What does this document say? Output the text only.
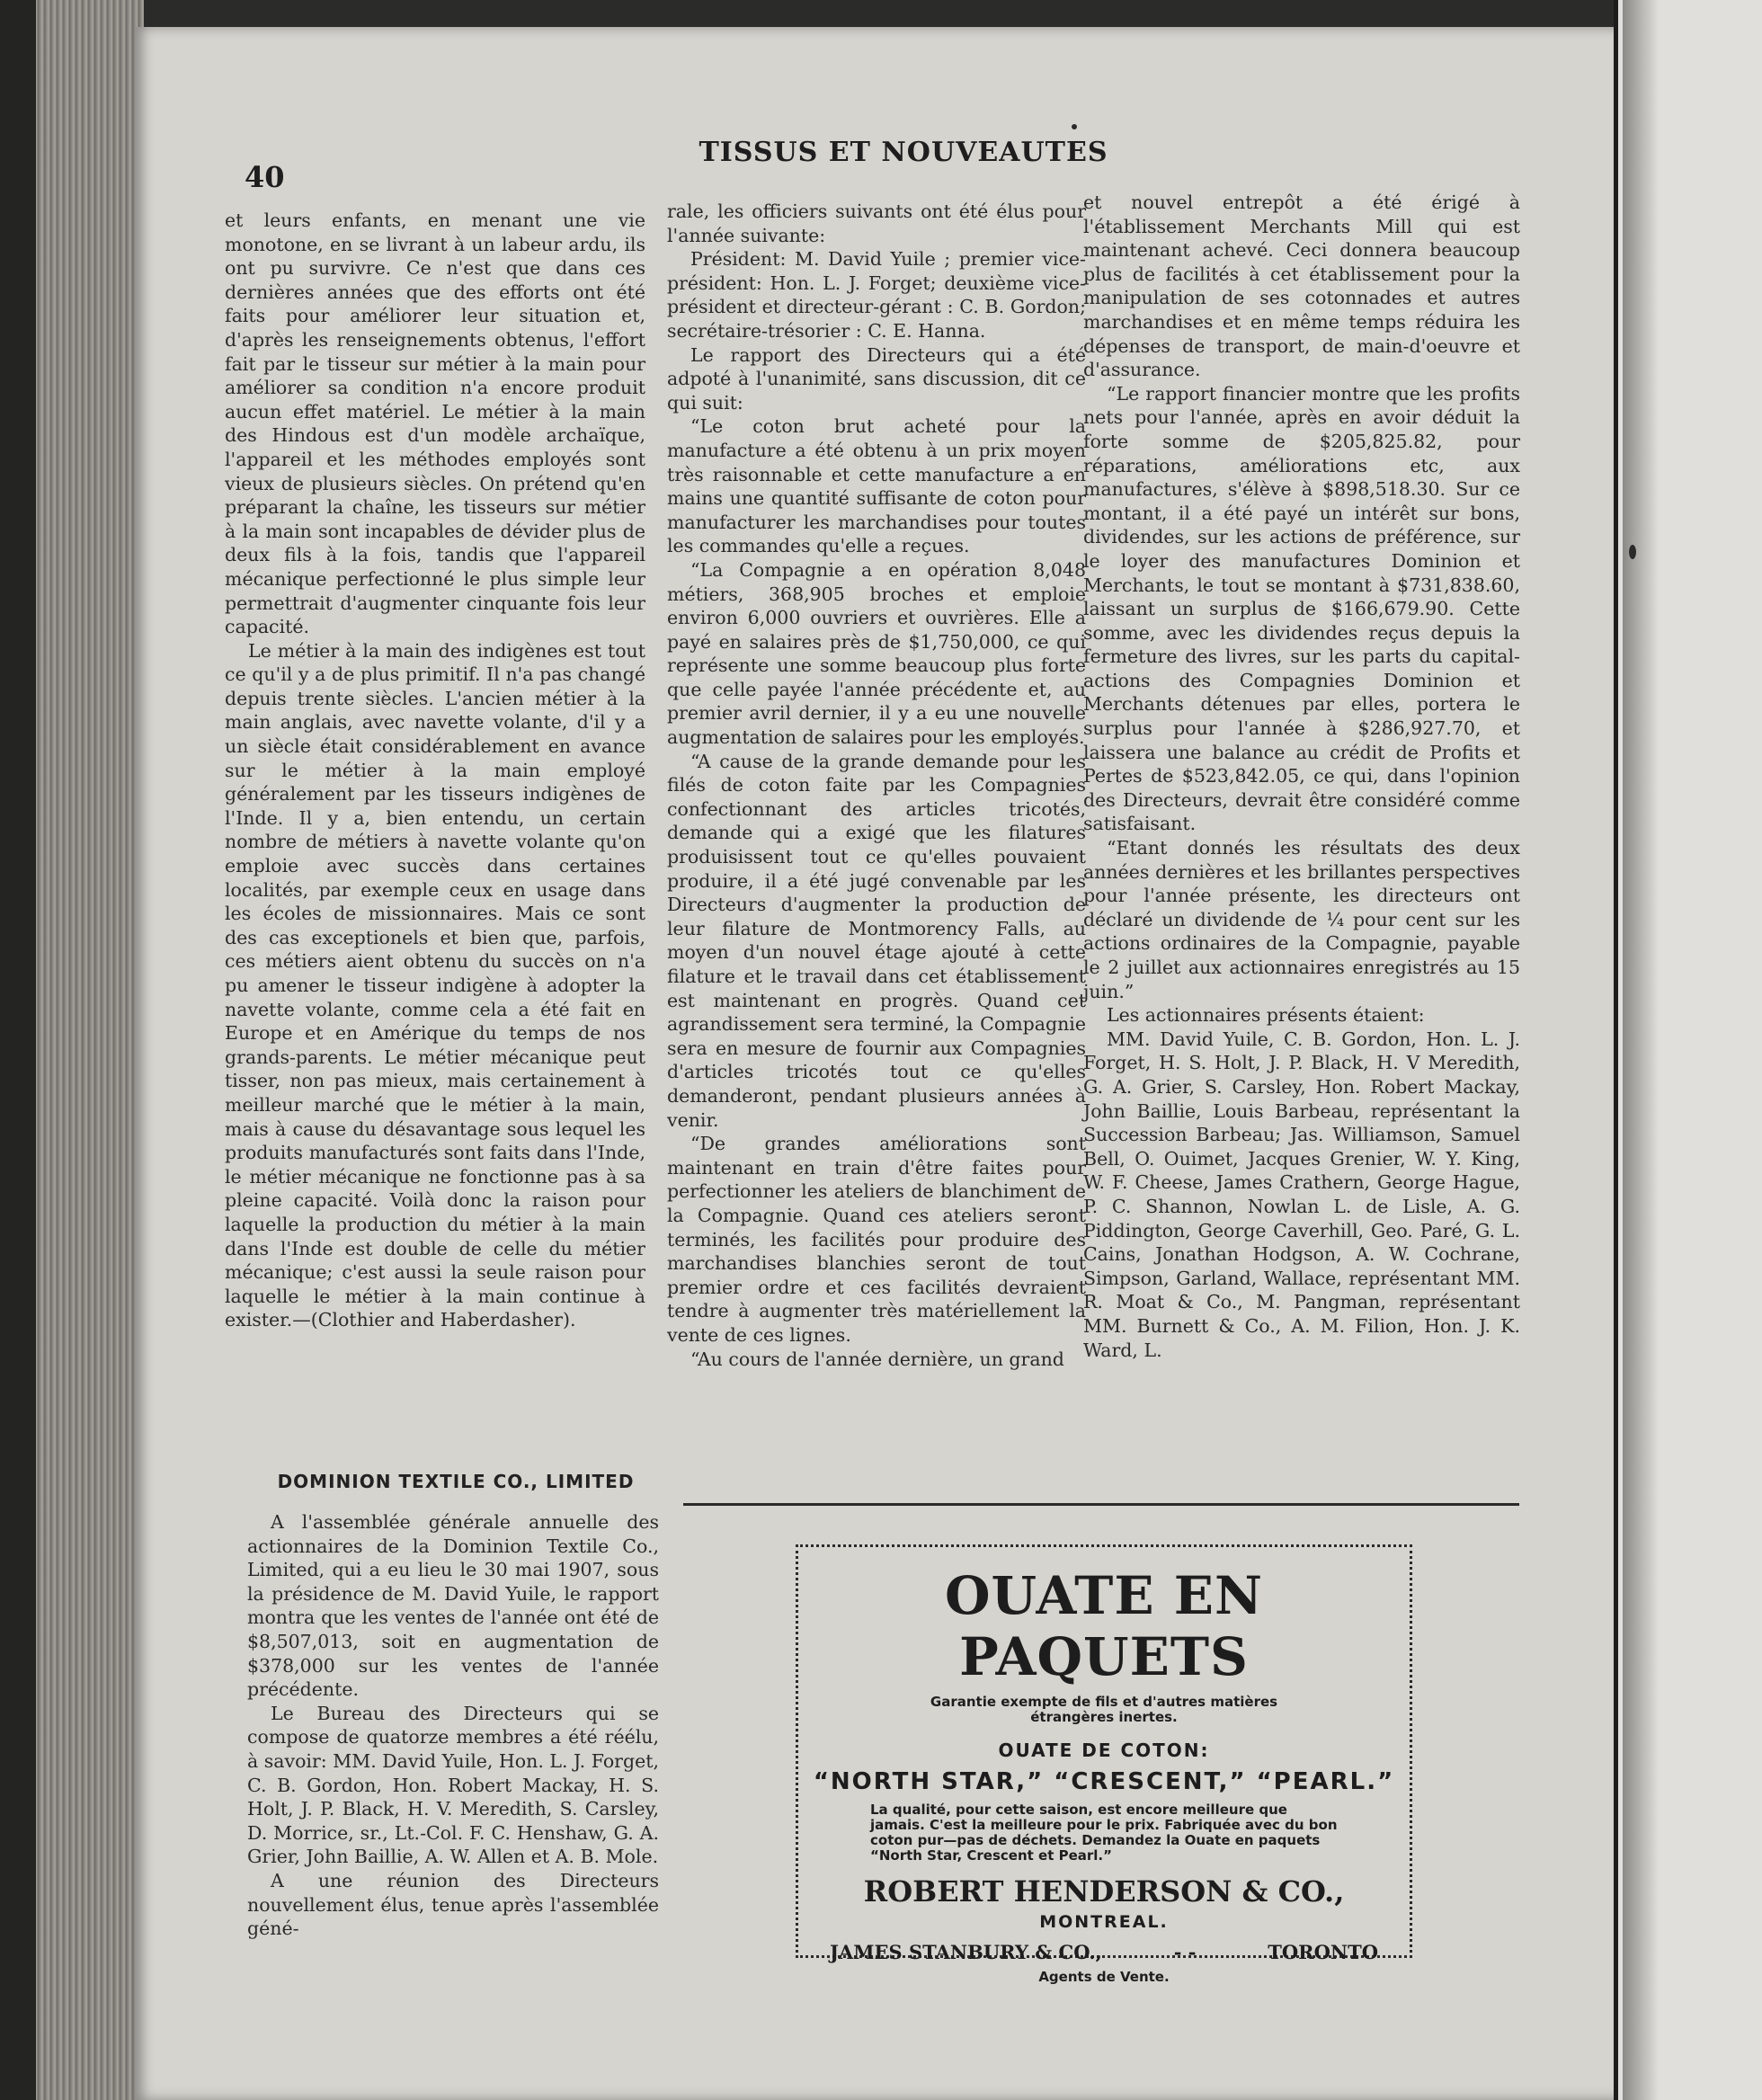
40
TISSUS ET NOUVEAUTES

et leurs enfants, en menant une vie monotone, en se livrant à un labeur ardu, ils ont pu survivre. Ce n'est que dans ces dernières années que des efforts ont été faits pour améliorer leur situation et, d'après les renseignements obtenus, l'effort fait par le tisseur sur métier à la main pour améliorer sa condition n'a encore produit aucun effet matériel. Le métier à la main des Hindous est d'un modèle archaïque, l'appareil et les méthodes employés sont vieux de plusieurs siècles. On prétend qu'en préparant la chaîne, les tisseurs sur métier à la main sont incapables de dévider plus de deux fils à la fois, tandis que l'appareil mécanique perfectionné le plus simple leur permettrait d'augmenter cinquante fois leur capacité.

Le métier à la main des indigènes est tout ce qu'il y a de plus primitif. Il n'a pas changé depuis trente siècles. L'ancien métier à la main anglais, avec navette volante, d'il y a un siècle était considérablement en avance sur le métier à la main employé généralement par les tisseurs indigènes de l'Inde. Il y a, bien entendu, un certain nombre de métiers à navette volante qu'on emploie avec succès dans certaines localités, par exemple ceux en usage dans les écoles de missionnaires. Mais ce sont des cas exceptionels et bien que, parfois, ces métiers aient obtenu du succès on n'a pu amener le tisseur indigène à adopter la navette volante, comme cela a été fait en Europe et en Amérique du temps de nos grands-parents. Le métier mécanique peut tisser, non pas mieux, mais certainement à meilleur marché que le métier à la main, mais à cause du désavantage sous lequel les produits manufacturés sont faits dans l'Inde, le métier mécanique ne fonctionne pas à sa pleine capacité. Voilà donc la raison pour laquelle la production du métier à la main dans l'Inde est double de celle du métier mécanique; c'est aussi la seule raison pour laquelle le métier à la main continue à exister.—(Clothier and Haberdasher).

DOMINION TEXTILE CO., LIMITED

A l'assemblée générale annuelle des actionnaires de la Dominion Textile Co., Limited, qui a eu lieu le 30 mai 1907, sous la présidence de M. David Yuile, le rapport montra que les ventes de l'année ont été de $8,507,013, soit en augmentation de $378,000 sur les ventes de l'année précédente.

Le Bureau des Directeurs qui se compose de quatorze membres a été réélu, à savoir: MM. David Yuile, Hon. L. J. Forget, C. B. Gordon, Hon. Robert Mackay, H. S. Holt, J. P. Black, H. V. Meredith, S. Carsley, D. Morrice, sr., Lt.-Col. F. C. Henshaw, G. A. Grier, John Baillie, A. W. Allen et A. B. Mole.

A une réunion des Directeurs nouvellement élus, tenue après l'assemblée géné-

rale, les officiers suivants ont été élus pour l'année suivante:

Président: M. David Yuile ; premier vice-président: Hon. L. J. Forget; deuxième vice-président et directeur-gérant : C. B. Gordon; secrétaire-trésorier : C. E. Hanna.

Le rapport des Directeurs qui a été adpoté à l'unanimité, sans discussion, dit ce qui suit:

“Le coton brut acheté pour la manufacture a été obtenu à un prix moyen très raisonnable et cette manufacture a en mains une quantité suffisante de coton pour manufacturer les marchandises pour toutes les commandes qu'elle a reçues.

“La Compagnie a en opération 8,048 métiers, 368,905 broches et emploie environ 6,000 ouvriers et ouvrières. Elle a payé en salaires près de $1,750,000, ce qui représente une somme beaucoup plus forte que celle payée l'année précédente et, au premier avril dernier, il y a eu une nouvelle augmentation de salaires pour les employés.

“A cause de la grande demande pour les filés de coton faite par les Compagnies confectionnant des articles tricotés, demande qui a exigé que les filatures produisissent tout ce qu'elles pouvaient produire, il a été jugé convenable par les Directeurs d'augmenter la production de leur filature de Montmorency Falls, au moyen d'un nouvel étage ajouté à cette filature et le travail dans cet établissement est maintenant en progrès. Quand cet agrandissement sera terminé, la Compagnie sera en mesure de fournir aux Compagnies d'articles tricotés tout ce qu'elles demanderont, pendant plusieurs années à venir.

“De grandes améliorations sont maintenant en train d'être faites pour perfectionner les ateliers de blanchiment de la Compagnie. Quand ces ateliers seront terminés, les facilités pour produire des marchandises blanchies seront de tout premier ordre et ces facilités devraient tendre à augmenter très matériellement la vente de ces lignes.

“Au cours de l'année dernière, un grand

et nouvel entrepôt a été érigé à l'établissement Merchants Mill qui est maintenant achevé. Ceci donnera beaucoup plus de facilités à cet établissement pour la manipulation de ses cotonnades et autres marchandises et en même temps réduira les dépenses de transport, de main-d'oeuvre et d'assurance.

“Le rapport financier montre que les profits nets pour l'année, après en avoir déduit la forte somme de $205,825.82, pour réparations, améliorations etc, aux manufactures, s'élève à $898,518.30. Sur ce montant, il a été payé un intérêt sur bons, dividendes, sur les actions de préférence, sur le loyer des manufactures Dominion et Merchants, le tout se montant à $731,838.60, laissant un surplus de $166,679.90. Cette somme, avec les dividendes reçus depuis la fermeture des livres, sur les parts du capital-actions des Compagnies Dominion et Merchants détenues par elles, portera le surplus pour l'année à $286,927.70, et laissera une balance au crédit de Profits et Pertes de $523,842.05, ce qui, dans l'opinion des Directeurs, devrait être considéré comme satisfaisant.

“Etant donnés les résultats des deux années dernières et les brillantes perspectives pour l'année présente, les directeurs ont déclaré un dividende de ¼ pour cent sur les actions ordinaires de la Compagnie, payable le 2 juillet aux actionnaires enregistrés au 15 juin.”

Les actionnaires présents étaient:

MM. David Yuile, C. B. Gordon, Hon. L. J. Forget, H. S. Holt, J. P. Black, H. V Meredith, G. A. Grier, S. Carsley, Hon. Robert Mackay, John Baillie, Louis Barbeau, représentant la Succession Barbeau; Jas. Williamson, Samuel Bell, O. Ouimet, Jacques Grenier, W. Y. King, W. F. Cheese, James Crathern, George Hague, P. C. Shannon, Nowlan L. de Lisle, A. G. Piddington, George Caverhill, Geo. Paré, G. L. Cains, Jonathan Hodgson, A. W. Cochrane, Simpson, Garland, Wallace, représentant MM. R. Moat & Co., M. Pangman, représentant MM. Burnett & Co., A. M. Filion, Hon. J. K. Ward, L.

OUATE EN PAQUETS
Garantie exempte de fils et d'autres matières étrangères inertes.
OUATE DE COTON:
“NORTH STAR,” “CRESCENT,” “PEARL.”
La qualité, pour cette saison, est encore meilleure que jamais. C'est la meilleure pour le prix. Fabriquée avec du bon coton pur—pas de déchets. Demandez la Ouate en paquets “North Star, Crescent et Pearl.”
ROBERT HENDERSON & CO.,
MONTREAL.
JAMES STANBURY & CO.,	- -	TORONTO
Agents de Vente.
